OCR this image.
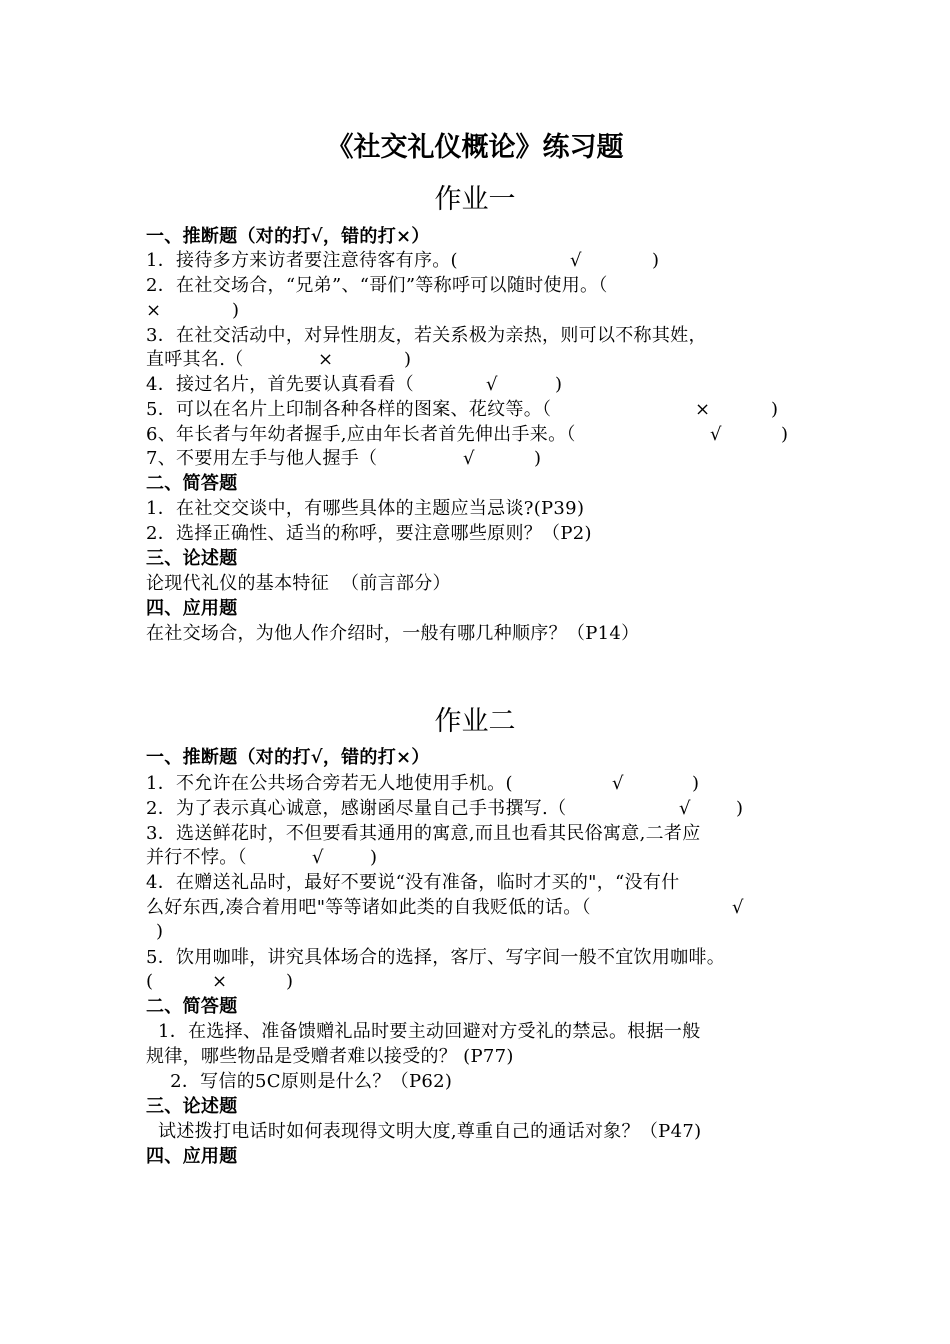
《社交礼仪概论》练习题
作业一
一、推断题（对的打√，错的打×）
1．接待多方来访者要注意待客有序。(	√	)
2．在社交场合，“兄弟”、“哥们”等称呼可以随时使用。（
×	)
3．在社交活动中，对异性朋友，若关系极为亲热，则可以不称其姓，
直呼其名.（	×	)
4．接过名片，首先要认真看看（	√	)
5．可以在名片上印制各种各样的图案、花纹等。（	×	)
6、年长者与年幼者握手,应由年长者首先伸出手来。（	√	)
7、不要用左手与他人握手（	√	)
二、简答题
1．在社交交谈中，有哪些具体的主题应当忌谈?(P39)
2．选择正确性、适当的称呼，要注意哪些原则？（P2)
三、论述题
论现代礼仪的基本特征  （前言部分）
四、应用题
在社交场合，为他人作介绍时，一般有哪几种顺序？（P14）
作业二
一、推断题（对的打√，错的打×）
1．不允许在公共场合旁若无人地使用手机。(	√	)
2．为了表示真心诚意，感谢函尽量自己手书撰写.（	√	)
3．选送鲜花时，不但要看其通用的寓意,而且也看其民俗寓意,二者应
并行不悖。（	√	)
4．在赠送礼品时，最好不要说“没有准备，临时才买的"，“没有什
么好东西,凑合着用吧"等等诸如此类的自我贬低的话。（	√
)
5．饮用咖啡，讲究具体场合的选择，客厅、写字间一般不宜饮用咖啡。
(	×	)
二、简答题
1．在选择、准备馈赠礼品时要主动回避对方受礼的禁忌。根据一般
规律，哪些物品是受赠者难以接受的？ (P77)
2．写信的5C原则是什么？（P62)
三、论述题
试述拨打电话时如何表现得文明大度,尊重自己的通话对象？（P47)
四、应用题
